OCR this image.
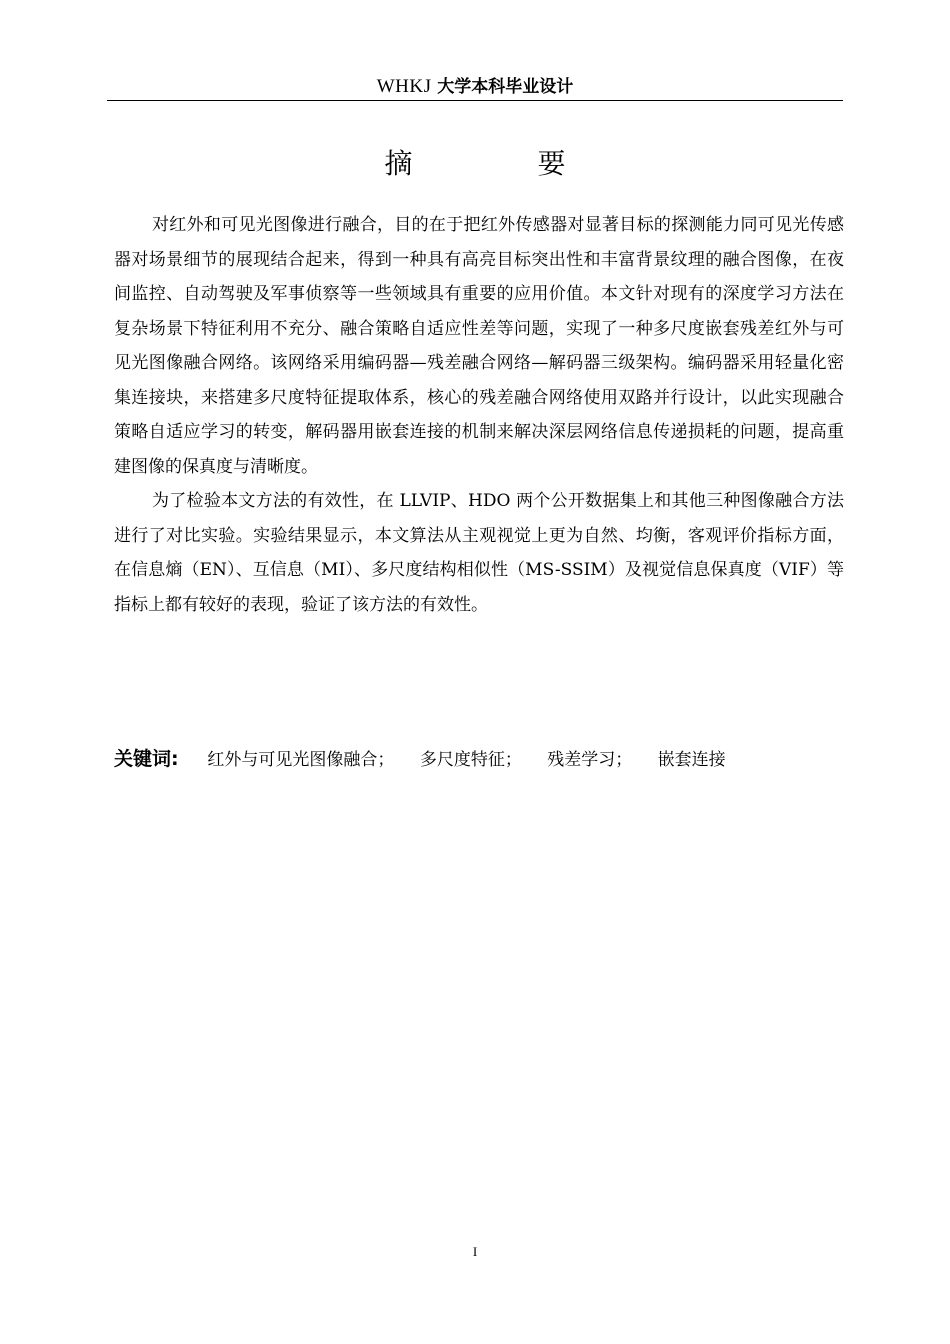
WHKJ 大学本科毕业设计
摘 要

对红外和可见光图像进行融合，目的在于把红外传感器对显著目标的探测能力同可见光传感器对场景细节的展现结合起来，得到一种具有高亮目标突出性和丰富背景纹理的融合图像，在夜间监控、自动驾驶及军事侦察等一些领域具有重要的应用价值。本文针对现有的深度学习方法在复杂场景下特征利用不充分、融合策略自适应性差等问题，实现了一种多尺度嵌套残差红外与可见光图像融合网络。该网络采用编码器—残差融合网络—解码器三级架构。编码器采用轻量化密集连接块，来搭建多尺度特征提取体系，核心的残差融合网络使用双路并行设计，以此实现融合策略自适应学习的转变，解码器用嵌套连接的机制来解决深层网络信息传递损耗的问题，提高重建图像的保真度与清晰度。

为了检验本文方法的有效性，在 LLVIP、HDO 两个公开数据集上和其他三种图像融合方法进行了对比实验。实验结果显示，本文算法从主观视觉上更为自然、均衡，客观评价指标方面，在信息熵（EN）、互信息（MI）、多尺度结构相似性（MS-SSIM）及视觉信息保真度（VIF）等指标上都有较好的表现，验证了该方法的有效性。

关键词: 红外与可见光图像融合； 多尺度特征； 残差学习； 嵌套连接
I
